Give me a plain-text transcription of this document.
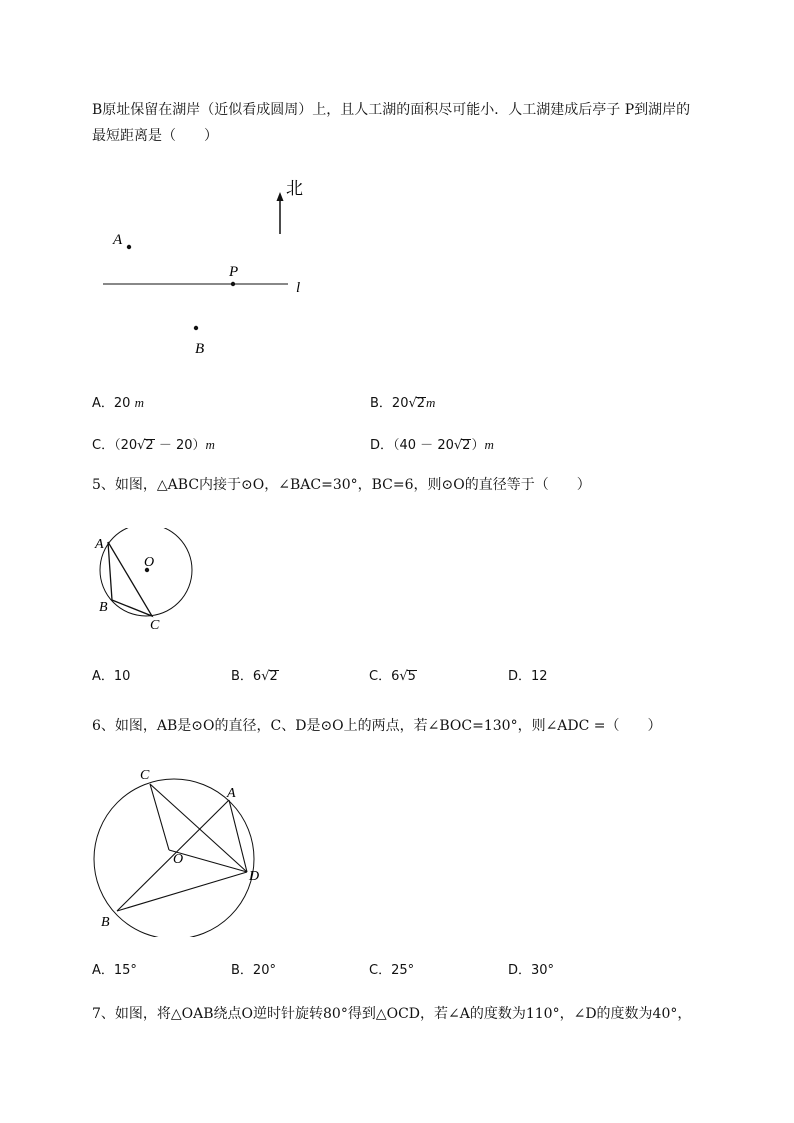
B原址保留在湖岸（近似看成圆周）上，且人工湖的面积尽可能小．人工湖建成后亭子 P到湖岸的
最短距离是（　　）
北
A
P
l
B
A．20 m	B．20√2m
C．（20√2 － 20）m	D．（40 － 20√2）m
5、如图，△ABC内接于⊙O，∠BAC=30°，BC=6，则⊙O的直径等于（　　）
A
O
B
C
A．10	B．6√2	C．6√5	D．12
6、如图，AB是⊙O的直径，C、D是⊙O上的两点，若∠BOC=130°，则∠ADC =（　　）
C
A
O
D
B
A．15°	B．20°	C．25°	D．30°
7、如图，将△OAB绕点O逆时针旋转80°得到△OCD，若∠A的度数为110°，∠D的度数为40°，
